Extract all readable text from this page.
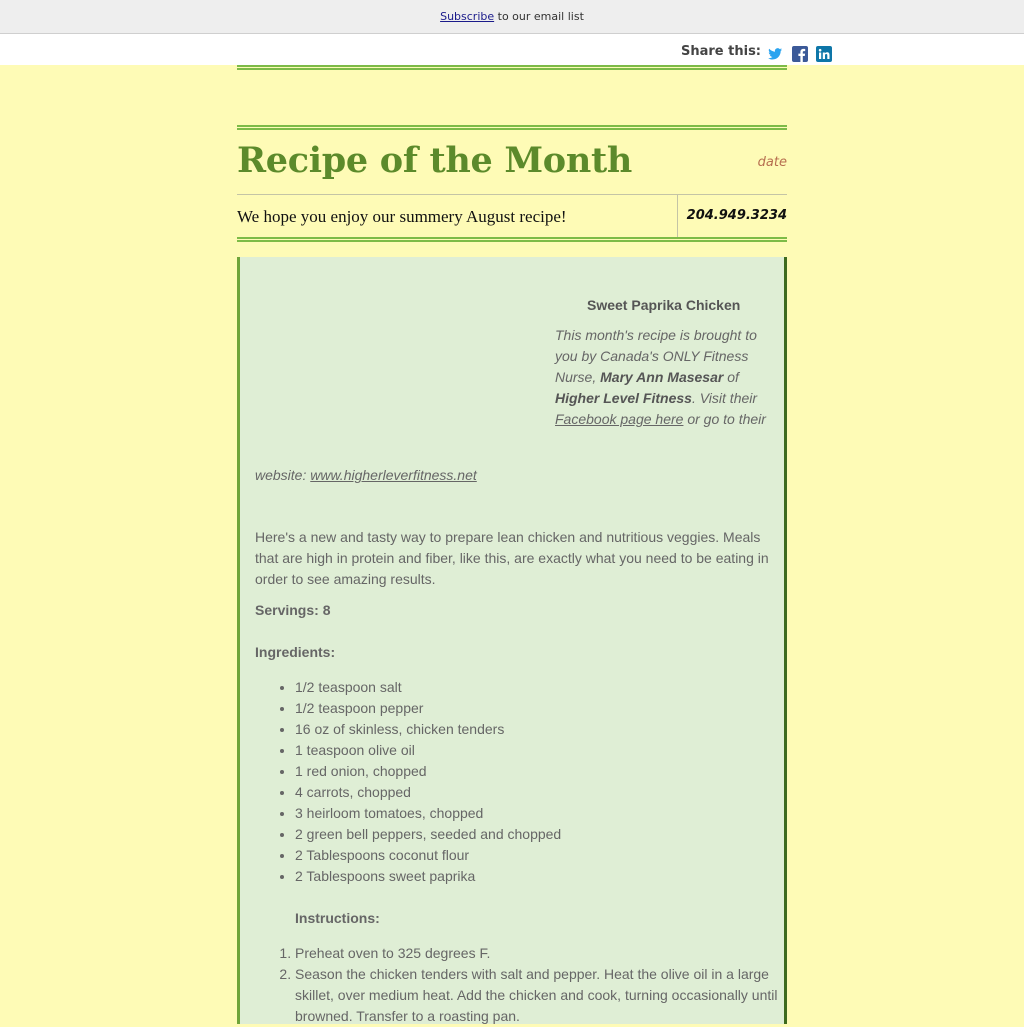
Subscribe to our email list
Share this:
Recipe of the Month	date
We hope you enjoy our summery August recipe!	204.949.3234
Sweet Paprika Chicken
This month's recipe is brought to you by Canada's ONLY Fitness Nurse, Mary Ann Masesar of Higher Level Fitness. Visit their Facebook page here or go to their
website: www.higherleverfitness.net
Here's a new and tasty way to prepare lean chicken and nutritious veggies. Meals that are high in protein and fiber, like this, are exactly what you need to be eating in order to see amazing results.
Servings: 8
Ingredients:
• 1/2 teaspoon salt
• 1/2 teaspoon pepper
• 16 oz of skinless, chicken tenders
• 1 teaspoon olive oil
• 1 red onion, chopped
• 4 carrots, chopped
• 3 heirloom tomatoes, chopped
• 2 green bell peppers, seeded and chopped
• 2 Tablespoons coconut flour
• 2 Tablespoons sweet paprika
Instructions:
1. Preheat oven to 325 degrees F.
2. Season the chicken tenders with salt and pepper. Heat the olive oil in a large skillet, over medium heat. Add the chicken and cook, turning occasionally until browned. Transfer to a roasting pan.
